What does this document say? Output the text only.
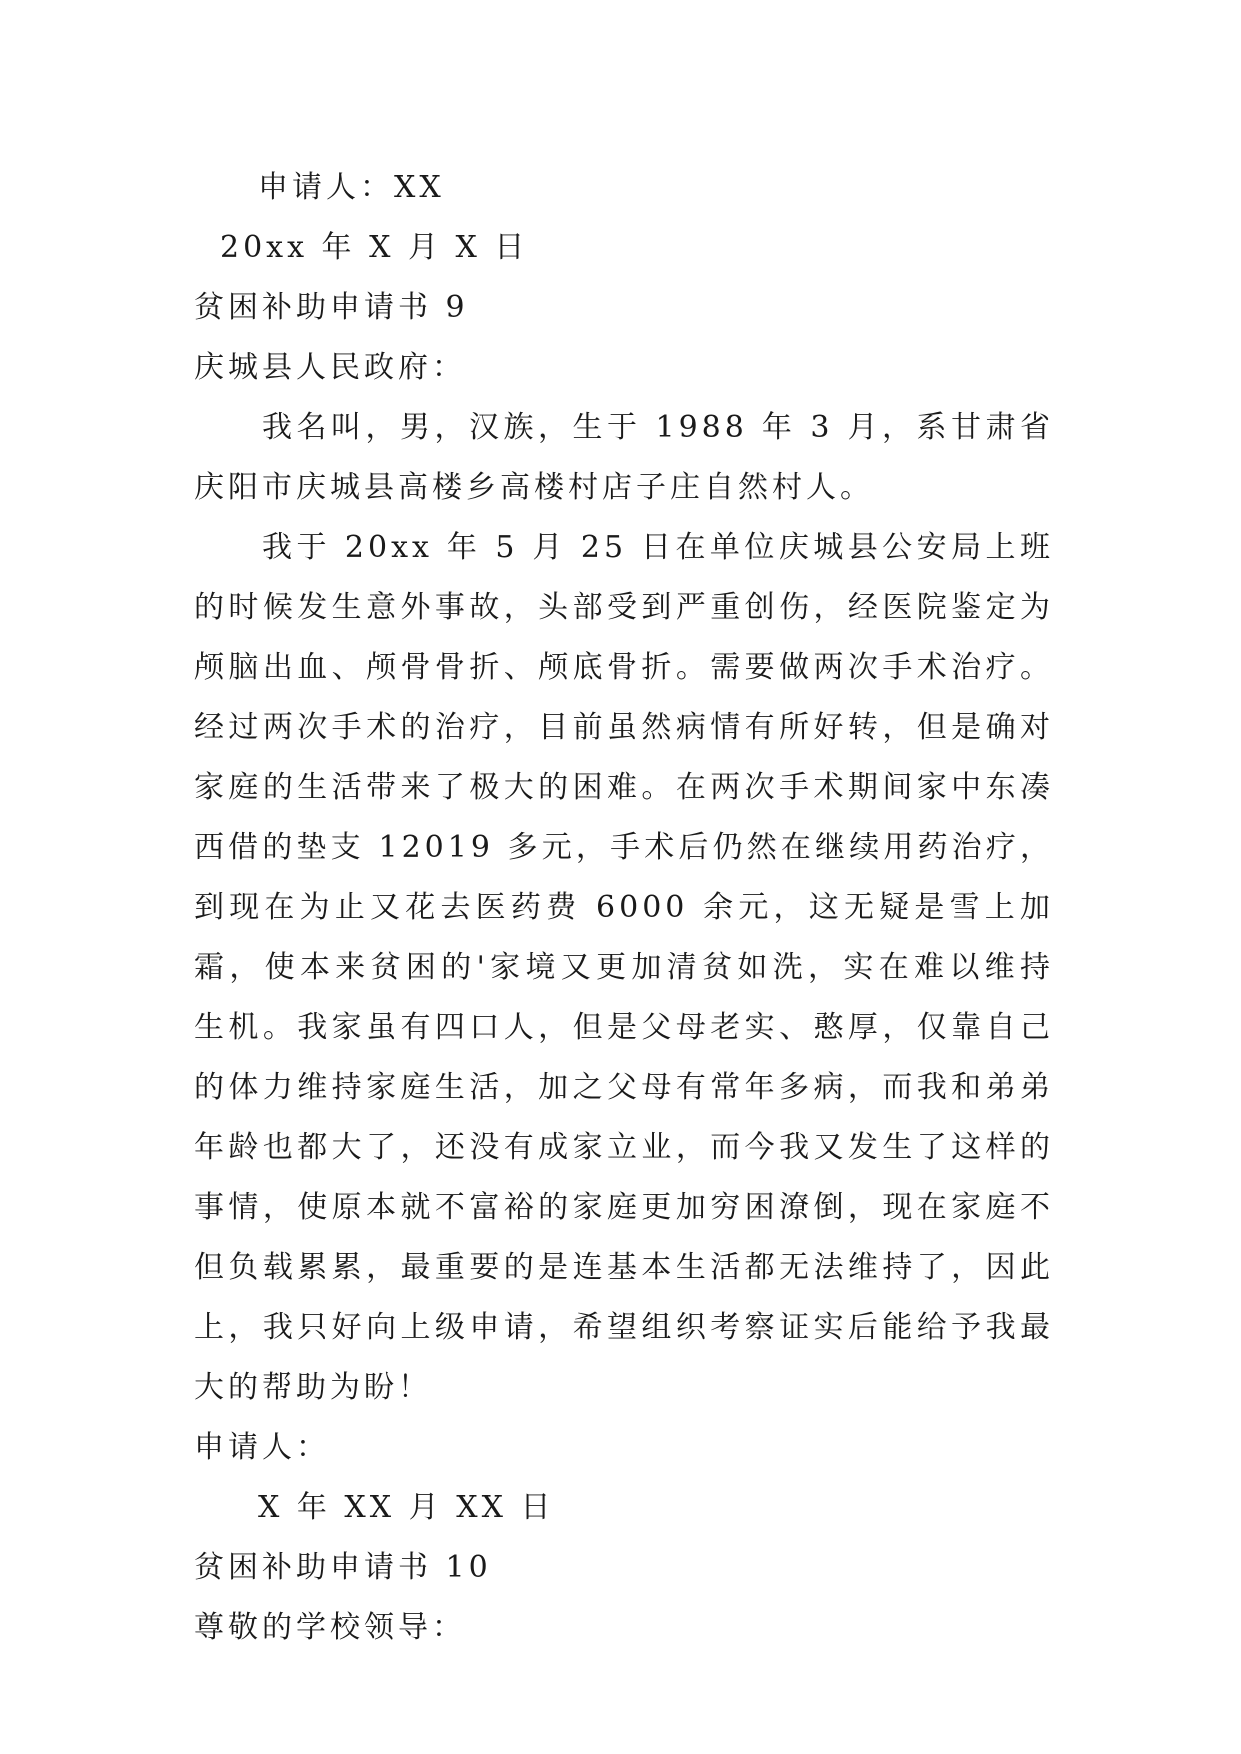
申请人：XX
20xx 年 X 月 X 日
贫困补助申请书 9
庆城县人民政府：

我名叫，男，汉族，生于 1988 年 3 月，系甘肃省庆阳市庆城县高楼乡高楼村店子庄自然村人。

我于 20xx 年 5 月 25 日在单位庆城县公安局上班的时候发生意外事故，头部受到严重创伤，经医院鉴定为颅脑出血、颅骨骨折、颅底骨折。需要做两次手术治疗。经过两次手术的治疗，目前虽然病情有所好转，但是确对家庭的生活带来了极大的困难。在两次手术期间家中东凑西借的垫支 12019 多元，手术后仍然在继续用药治疗，到现在为止又花去医药费 6000 余元，这无疑是雪上加霜，使本来贫困的'家境又更加清贫如洗，实在难以维持生机。我家虽有四口人，但是父母老实、憨厚，仅靠自己的体力维持家庭生活，加之父母有常年多病，而我和弟弟年龄也都大了，还没有成家立业，而今我又发生了这样的事情，使原本就不富裕的家庭更加穷困潦倒，现在家庭不但负载累累，最重要的是连基本生活都无法维持了，因此上，我只好向上级申请，希望组织考察证实后能给予我最大的帮助为盼！

申请人：
X 年 XX 月 XX 日
贫困补助申请书 10
尊敬的学校领导：
